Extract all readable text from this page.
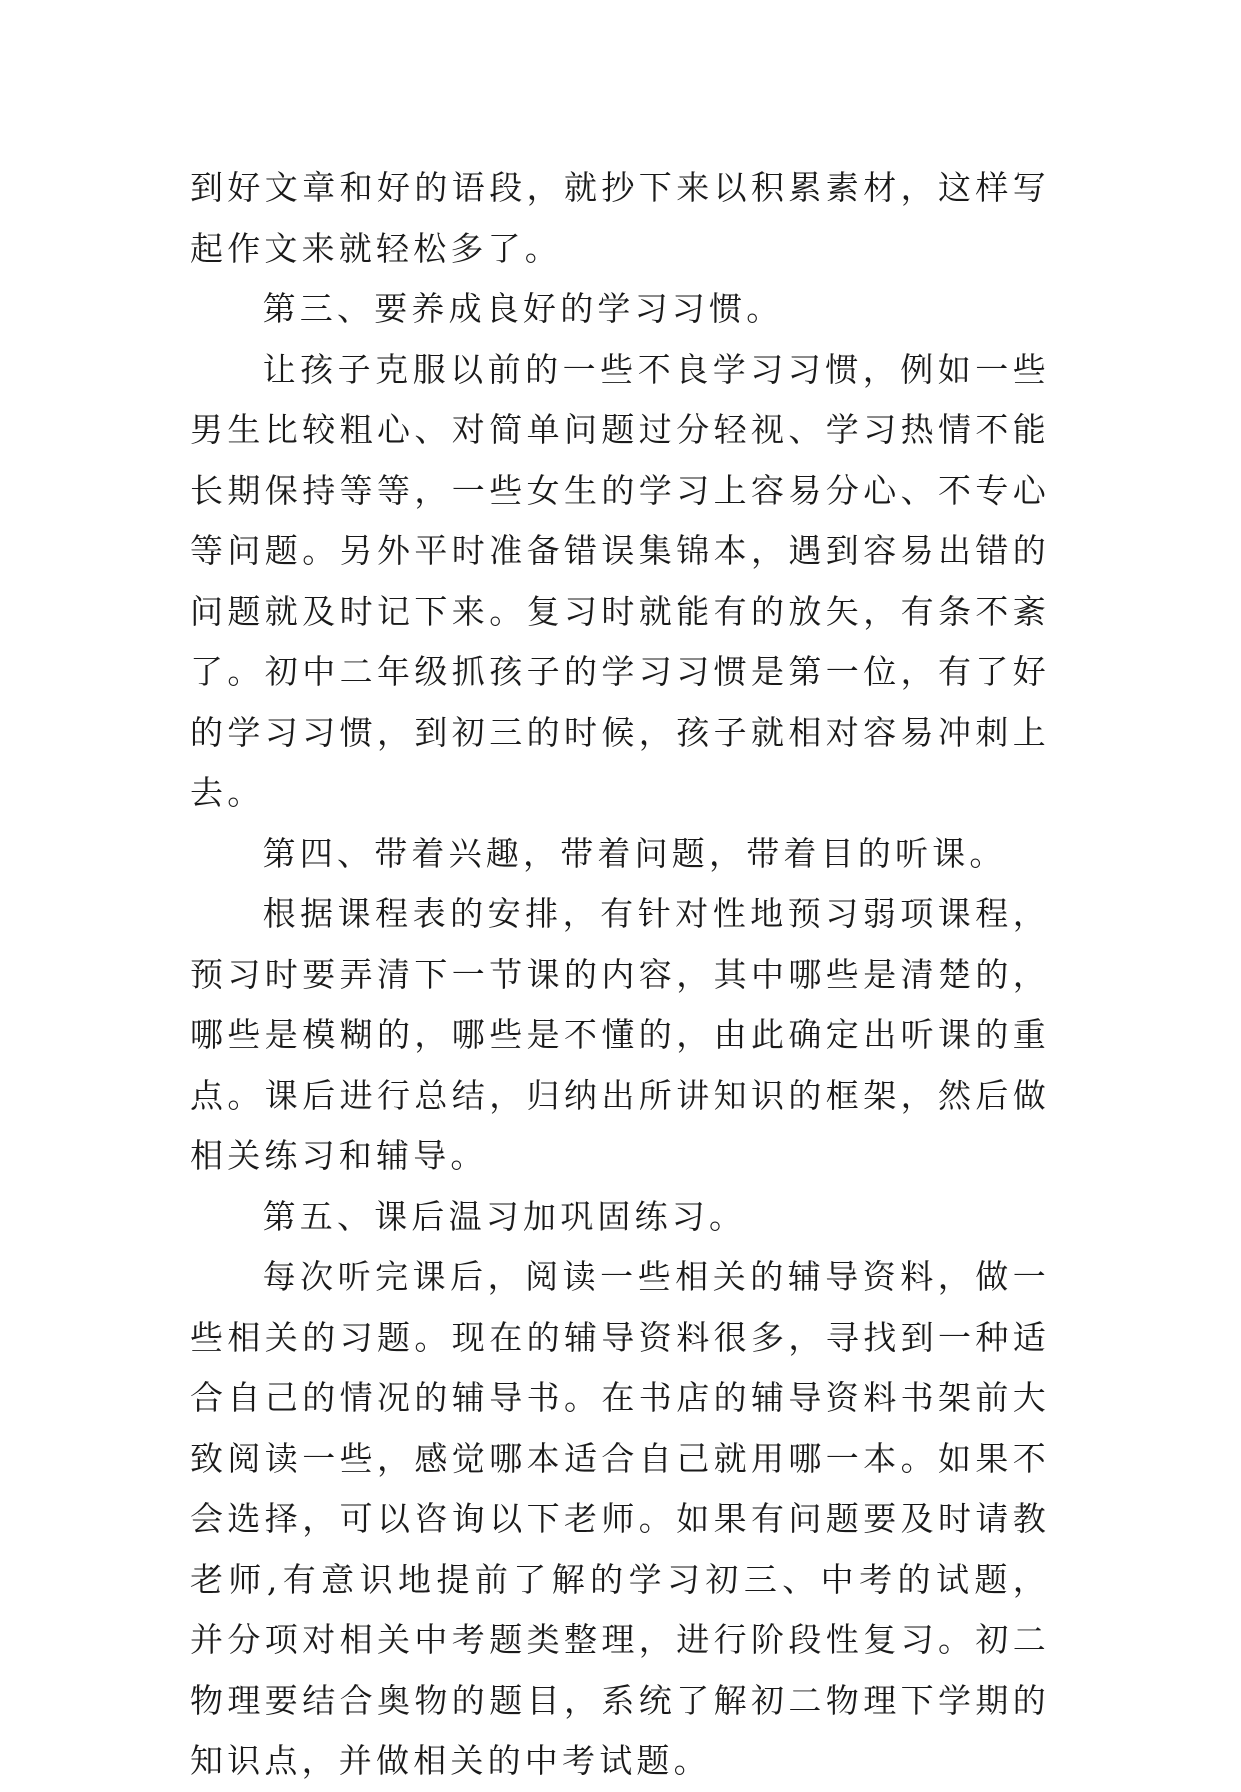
到好文章和好的语段，就抄下来以积累素材，这样写起作文来就轻松多了。

第三、要养成良好的学习习惯。

让孩子克服以前的一些不良学习习惯，例如一些男生比较粗心、对简单问题过分轻视、学习热情不能长期保持等等，一些女生的学习上容易分心、不专心等问题。另外平时准备错误集锦本，遇到容易出错的问题就及时记下来。复习时就能有的放矢，有条不紊了。初中二年级抓孩子的学习习惯是第一位，有了好的学习习惯，到初三的时候，孩子就相对容易冲刺上去。

第四、带着兴趣，带着问题，带着目的听课。

根据课程表的安排，有针对性地预习弱项课程，预习时要弄清下一节课的内容，其中哪些是清楚的，哪些是模糊的，哪些是不懂的，由此确定出听课的重点。课后进行总结，归纳出所讲知识的框架，然后做相关练习和辅导。

第五、课后温习加巩固练习。

每次听完课后，阅读一些相关的辅导资料，做一些相关的习题。现在的辅导资料很多，寻找到一种适合自己的情况的辅导书。在书店的辅导资料书架前大致阅读一些，感觉哪本适合自己就用哪一本。如果不会选择，可以咨询以下老师。如果有问题要及时请教老师,有意识地提前了解的学习初三、中考的试题，并分项对相关中考题类整理，进行阶段性复习。初二物理要结合奥物的题目，系统了解初二物理下学期的知识点，并做相关的中考试题。
